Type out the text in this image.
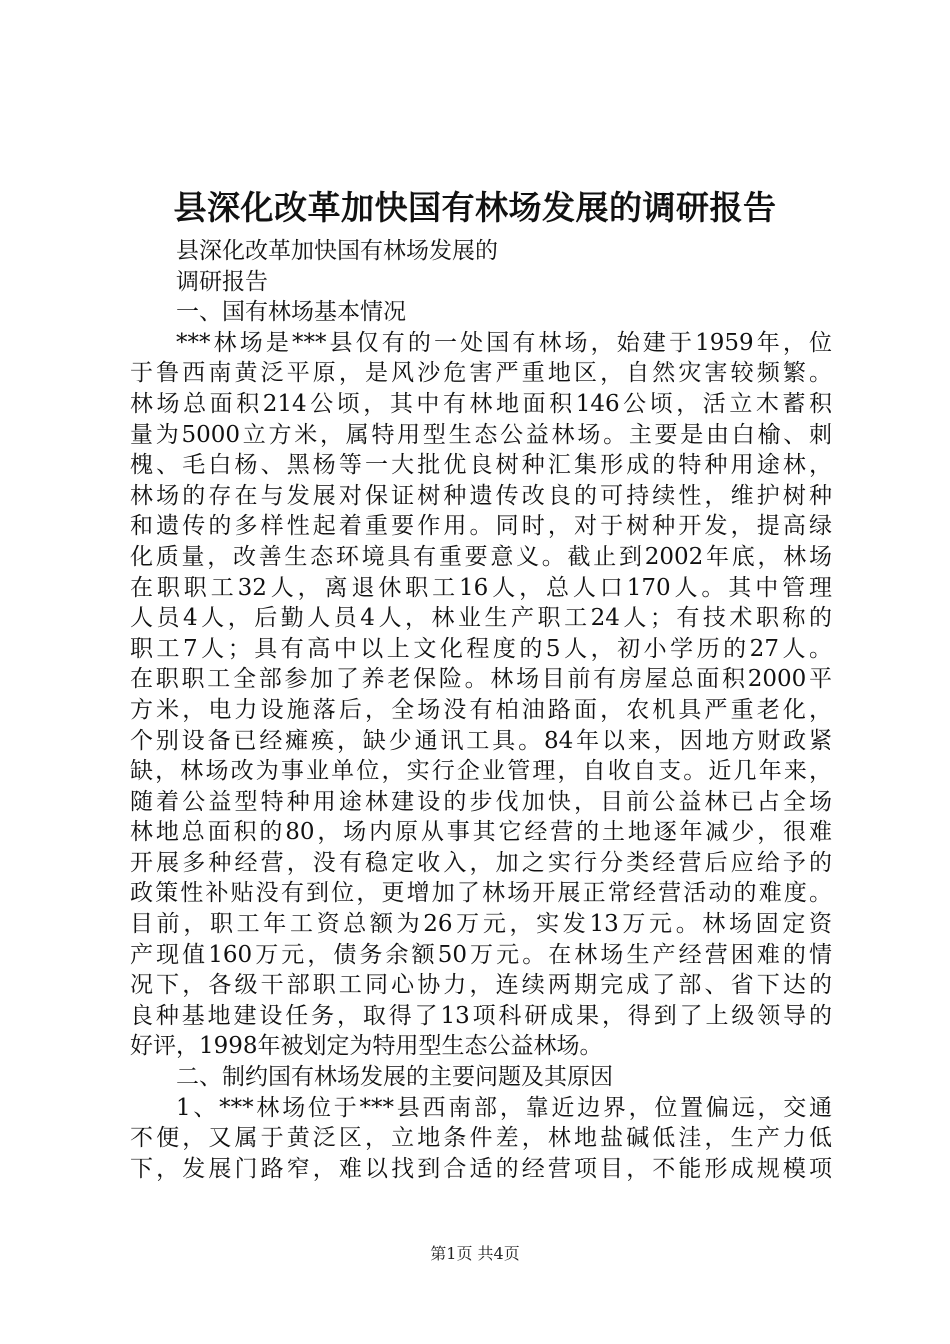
县深化改革加快国有林场发展的调研报告
县深化改革加快国有林场发展的
调研报告
一、国有林场基本情况
***林场是***县仅有的一处国有林场，始建于1959年，位
于鲁西南黄泛平原，是风沙危害严重地区，自然灾害较频繁。
林场总面积214公顷，其中有林地面积146公顷，活立木蓄积
量为5000立方米，属特用型生态公益林场。主要是由白榆、刺
槐、毛白杨、黑杨等一大批优良树种汇集形成的特种用途林，
林场的存在与发展对保证树种遗传改良的可持续性，维护树种
和遗传的多样性起着重要作用。同时，对于树种开发，提高绿
化质量，改善生态环境具有重要意义。截止到2002年底，林场
在职职工32人，离退休职工16人，总人口170人。其中管理
人员4人，后勤人员4人，林业生产职工24人；有技术职称的
职工7人；具有高中以上文化程度的5人，初小学历的27人。
在职职工全部参加了养老保险。林场目前有房屋总面积2000平
方米，电力设施落后，全场没有柏油路面，农机具严重老化，
个别设备已经瘫痪，缺少通讯工具。84年以来，因地方财政紧
缺，林场改为事业单位，实行企业管理，自收自支。近几年来，
随着公益型特种用途林建设的步伐加快，目前公益林已占全场
林地总面积的80，场内原从事其它经营的土地逐年减少，很难
开展多种经营，没有稳定收入，加之实行分类经营后应给予的
政策性补贴没有到位，更增加了林场开展正常经营活动的难度。
目前，职工年工资总额为26万元，实发13万元。林场固定资
产现值160万元，债务余额50万元。在林场生产经营困难的情
况下，各级干部职工同心协力，连续两期完成了部、省下达的
良种基地建设任务，取得了13项科研成果，得到了上级领导的
好评，1998年被划定为特用型生态公益林场。
二、制约国有林场发展的主要问题及其原因
1、***林场位于***县西南部，靠近边界，位置偏远，交通
不便，又属于黄泛区，立地条件差，林地盐碱低洼，生产力低
下，发展门路窄，难以找到合适的经营项目，不能形成规模项
第1页 共4页
